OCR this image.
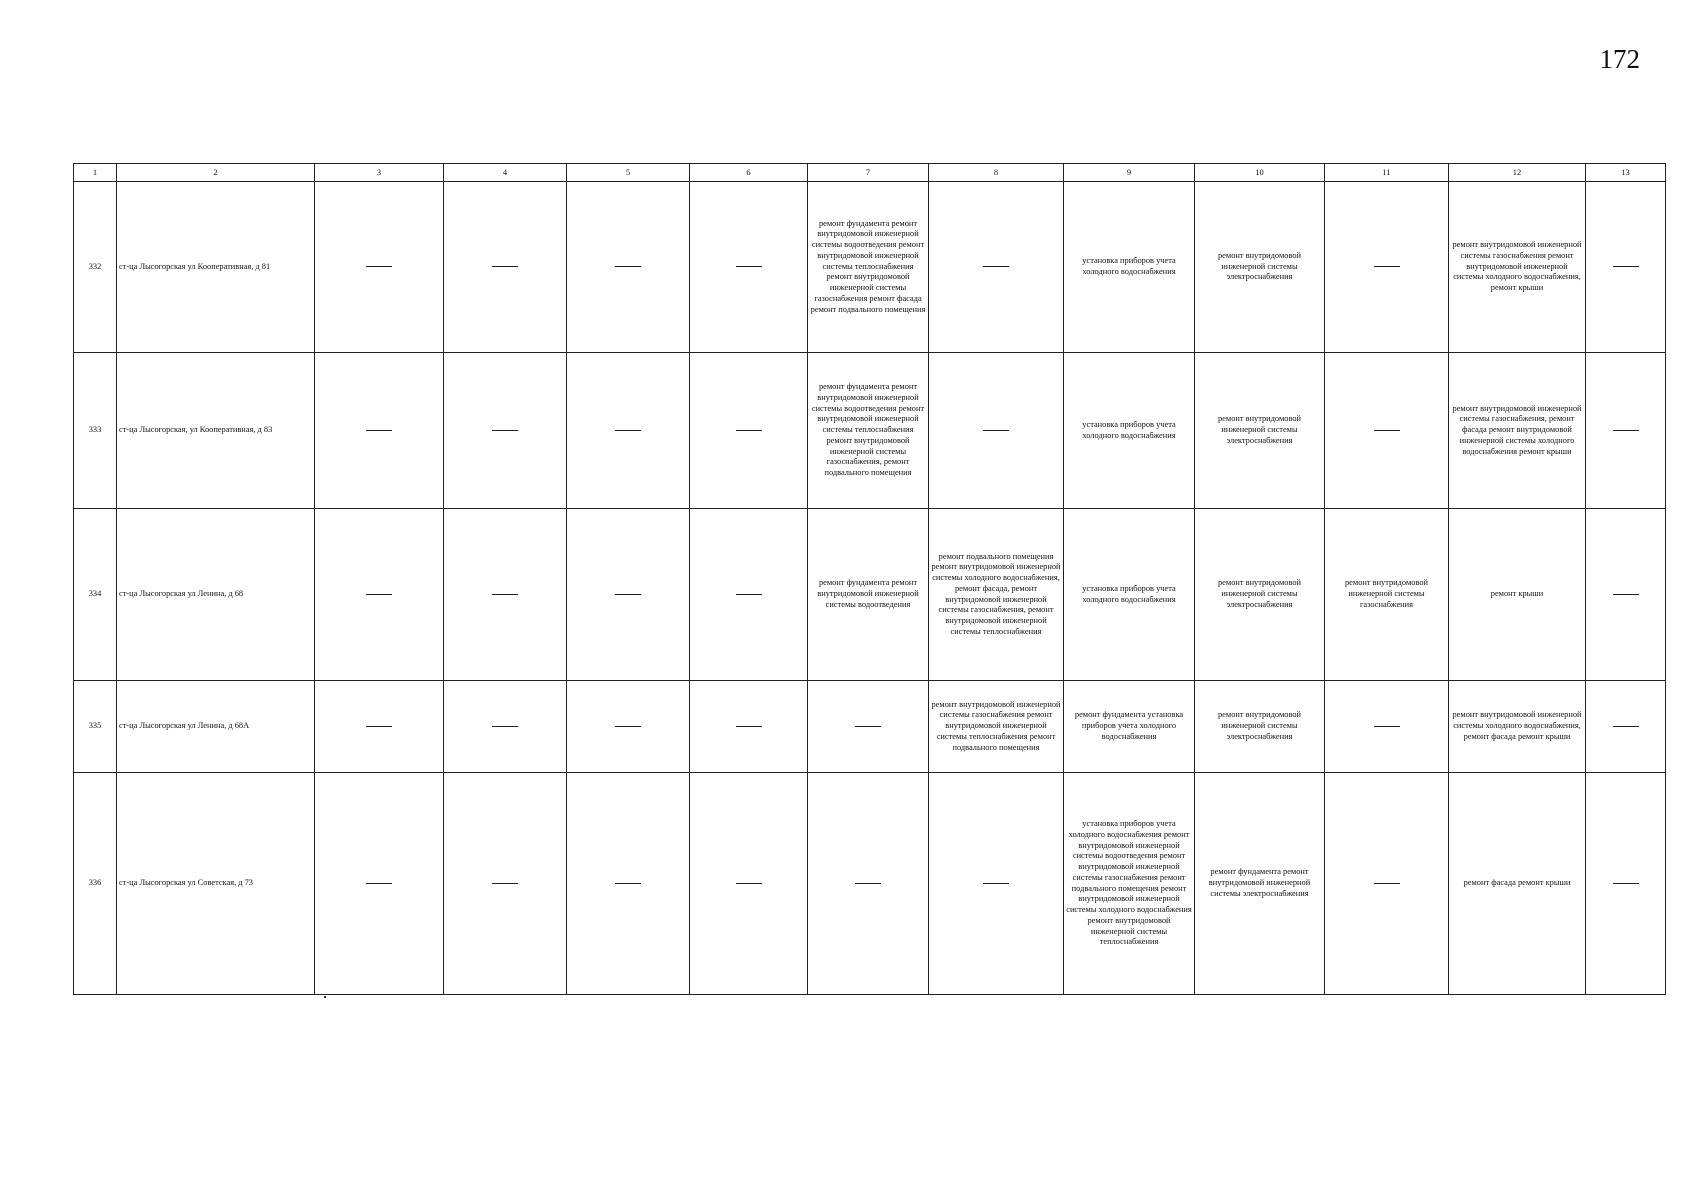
172
1	2	3	4	5	6	7	8	9	10	11	12	13
332	ст-ца Лысогорская ул Кооперативная, д 81					ремонт фундамента ремонт внутридомовой инженерной системы водоотведения ремонт внутридомовой инженерной системы теплоснабжения ремонт внутридомовой инженерной системы газоснабжения ремонт фасада ремонт подвального помещения		установка приборов учета холодного водоснабжения	ремонт внутридомовой инженерной системы электроснабжения		ремонт внутридомовой инженерной системы газоснабжения ремонт внутридомовой инженерной системы холодного водоснабжения, ремонт крыши	
333	ст-ца Лысогорская, ул Кооперативная, д 83					ремонт фундамента ремонт внутридомовой инженерной системы водоотведения ремонт внутридомовой инженерной системы теплоснабжения ремонт внутридомовой инженерной системы газоснабжения, ремонт подвального помещения		установка приборов учета холодного водоснабжения	ремонт внутридомовой инженерной системы электроснабжения		ремонт внутридомовой инженерной системы газоснабжения, ремонт фасада ремонт внутридомовой инженерной системы холодного водоснабжения ремонт крыши	
334	ст-ца Лысогорская ул Ленина, д 68					ремонт фундамента ремонт внутридомовой инженерной системы водоотведения	ремонт подвального помещения ремонт внутридомовой инженерной системы холодного водоснабжения, ремонт фасада, ремонт внутридомовой инженерной системы газоснабжения, ремонт внутридомовой инженерной системы теплоснабжения	установка приборов учета холодного водоснабжения	ремонт внутридомовой инженерной системы электроснабжения	ремонт внутридомовой инженерной системы газоснабжения	ремонт крыши	
335	ст-ца Лысогорская ул Ленина, д 68А						ремонт внутридомовой инженерной системы газоснабжения ремонт внутридомовой инженерной системы теплоснабжения ремонт подвального помещения	ремонт фундамента установка приборов учета холодного водоснабжения	ремонт внутридомовой инженерной системы электроснабжения		ремонт внутридомовой инженерной системы холодного водоснабжения, ремонт фасада ремонт крыши	
336	ст-ца Лысогорская ул Советская, д 73							установка приборов учета холодного водоснабжения ремонт внутридомовой инженерной системы водоотведения ремонт внутридомовой инженерной системы газоснабжения ремонт подвального помещения ремонт внутридомовой инженерной системы холодного водоснабжения ремонт внутридомовой инженерной системы теплоснабжения	ремонт фундамента ремонт внутридомовой инженерной системы электроснабжения		ремонт фасада ремонт крыши	
